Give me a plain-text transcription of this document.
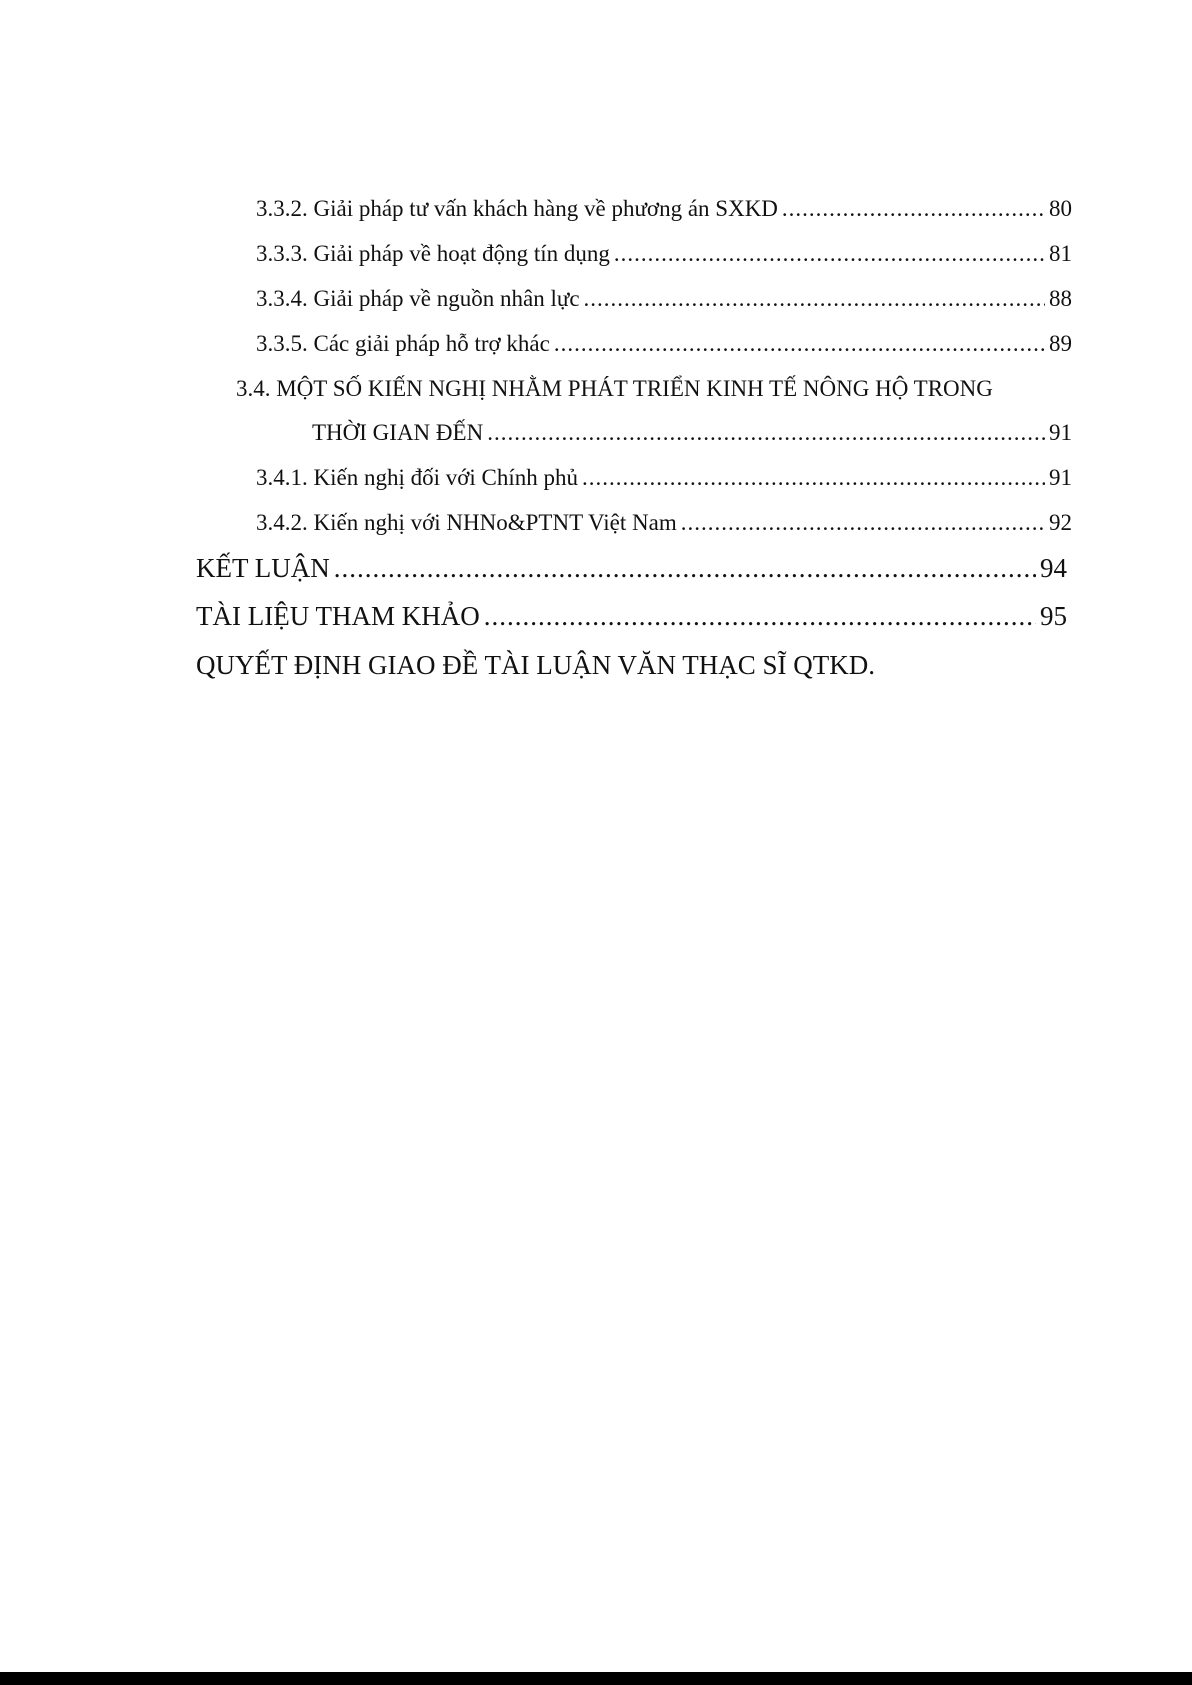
3.3.2. Giải pháp tư vấn khách hàng về phương án SXKD .....	80
3.3.3. Giải pháp về hoạt động tín dụng .....	81
3.3.4. Giải pháp về nguồn nhân lực .....	88
3.3.5. Các giải pháp hỗ trợ khác .....	89
3.4. MỘT SỐ KIẾN NGHỊ NHẰM PHÁT TRIỂN KINH TẾ NÔNG HỘ TRONG
THỜI GIAN ĐẾN .....	91
3.4.1. Kiến nghị đối với Chính phủ .....	91
3.4.2. Kiến nghị với NHNo&PTNT Việt Nam .....	92
KẾT LUẬN .....	94
TÀI LIỆU THAM KHẢO .....	95
QUYẾT ĐỊNH GIAO ĐỀ TÀI LUẬN VĂN THẠC SĨ QTKD.
